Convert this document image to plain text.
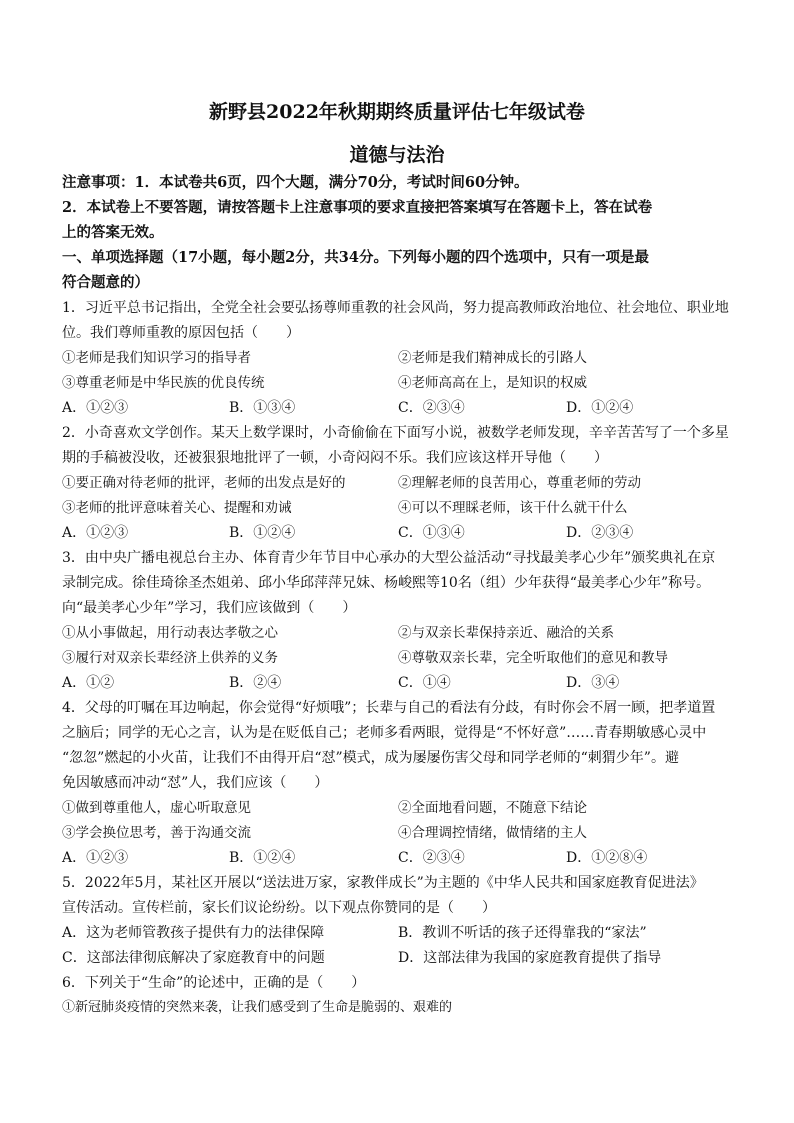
新野县2022年秋期期终质量评估七年级试卷
道德与法治
注意事项：1．本试卷共6页，四个大题，满分70分，考试时间60分钟。
2．本试卷上不要答题，请按答题卡上注意事项的要求直接把答案填写在答题卡上，答在试卷
上的答案无效。
一、单项选择题（17小题，每小题2分，共34分。下列每小题的四个选项中，只有一项是最
符合题意的）
1．习近平总书记指出，全党全社会要弘扬尊师重教的社会风尚，努力提高教师政治地位、社会地位、职业地
位。我们尊师重教的原因包括（　　）
①老师是我们知识学习的指导者	②老师是我们精神成长的引路人
③尊重老师是中华民族的优良传统	④老师高高在上，是知识的权威
A．①②③	B．①③④	C．②③④	D．①②④
2．小奇喜欢文学创作。某天上数学课时，小奇偷偷在下面写小说，被数学老师发现，辛辛苦苦写了一个多星
期的手稿被没收，还被狠狠地批评了一顿，小奇闷闷不乐。我们应该这样开导他（　　）
①要正确对待老师的批评，老师的出发点是好的	②理解老师的良苦用心，尊重老师的劳动
③老师的批评意味着关心、提醒和劝诫	④可以不理睬老师，该干什么就干什么
A．①②③	B．①②④	C．①③④	D．②③④
3．由中央广播电视总台主办、体育青少年节目中心承办的大型公益活动“寻找最美孝心少年”颁奖典礼在京
录制完成。徐佳琦徐圣杰姐弟、邱小华邱萍萍兄妹、杨峻熙等10名（组）少年获得“最美孝心少年”称号。
向“最美孝心少年”学习，我们应该做到（　　）
①从小事做起，用行动表达孝敬之心	②与双亲长辈保持亲近、融洽的关系
③履行对双亲长辈经济上供养的义务	④尊敬双亲长辈，完全听取他们的意见和教导
A．①②	B．②④	C．①④	D．③④
4．父母的叮嘱在耳边响起，你会觉得“好烦哦”；长辈与自己的看法有分歧，有时你会不屑一顾，把孝道置
之脑后；同学的无心之言，认为是在贬低自己；老师多看两眼，觉得是“不怀好意”……青春期敏感心灵中
“忽忽”燃起的小火苗，让我们不由得开启“怼”模式，成为屡屡伤害父母和同学老师的“刺猬少年”。避
免因敏感而冲动“怼”人，我们应该（　　）
①做到尊重他人，虚心听取意见	②全面地看问题，不随意下结论
③学会换位思考，善于沟通交流	④合理调控情绪，做情绪的主人
A．①②③	B．①②④	C．②③④	D．①②⑧④
5．2022年5月，某社区开展以“送法进万家，家教伴成长”为主题的《中华人民共和国家庭教育促进法》
宣传活动。宣传栏前，家长们议论纷纷。以下观点你赞同的是（　　）
A．这为老师管教孩子提供有力的法律保障	B．教训不听话的孩子还得靠我的“家法”
C．这部法律彻底解决了家庭教育中的问题	D．这部法律为我国的家庭教育提供了指导
6．下列关于“生命”的论述中，正确的是（　　）
①新冠肺炎疫情的突然来袭，让我们感受到了生命是脆弱的、艰难的
